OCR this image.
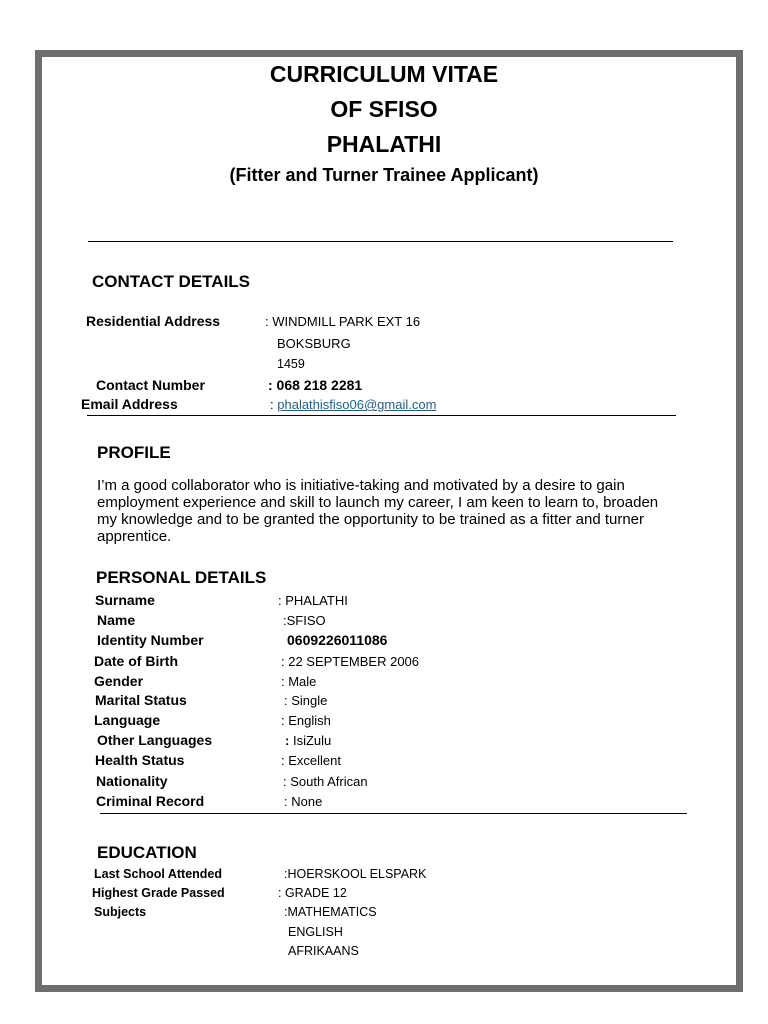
CURRICULUM VITAE
OF SFISO
PHALATHI
(Fitter and Turner Trainee Applicant)
CONTACT DETAILS
Residential Address	: WINDMILL PARK EXT 16
BOKSBURG
1459
Contact Number	: 068 218 2281
Email Address	: phalathisfiso06@gmail.com
PROFILE
I’m a good collaborator who is initiative-taking and motivated by a desire to gain employment experience and skill to launch my career, I am keen to learn to, broaden my knowledge and to be granted the opportunity to be trained as a fitter and turner apprentice.
PERSONAL DETAILS
Surname	: PHALATHI
Name	:SFISO
Identity Number	0609226011086
Date of Birth	: 22 SEPTEMBER 2006
Gender	: Male
Marital Status	: Single
Language	: English
Other Languages	: IsiZulu
Health Status	: Excellent
Nationality	: South African
Criminal Record	: None
EDUCATION
Last School Attended	:HOERSKOOL ELSPARK
Highest Grade Passed	: GRADE 12
Subjects	:MATHEMATICS
ENGLISH
AFRIKAANS
